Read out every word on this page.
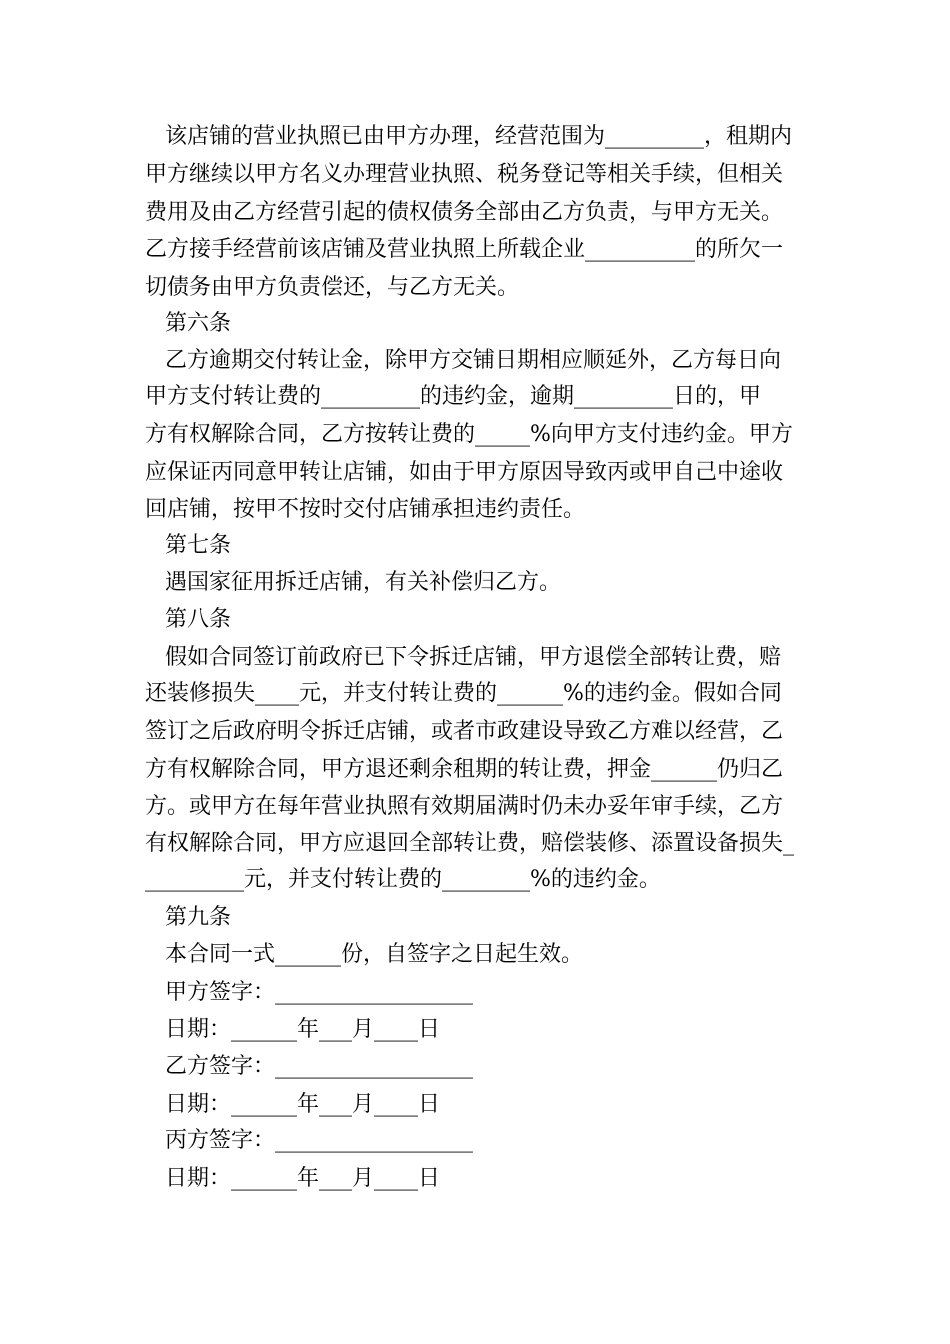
该店铺的营业执照已由甲方办理，经营范围为_________，租期内
甲方继续以甲方名义办理营业执照、税务登记等相关手续，但相关
费用及由乙方经营引起的债权债务全部由乙方负责，与甲方无关。
乙方接手经营前该店铺及营业执照上所载企业__________的所欠一
切债务由甲方负责偿还，与乙方无关。
第六条
乙方逾期交付转让金，除甲方交铺日期相应顺延外，乙方每日向
甲方支付转让费的_________的违约金，逾期_________日的，甲
方有权解除合同，乙方按转让费的_____%向甲方支付违约金。甲方
应保证丙同意甲转让店铺，如由于甲方原因导致丙或甲自己中途收
回店铺，按甲不按时交付店铺承担违约责任。
第七条
遇国家征用拆迁店铺，有关补偿归乙方。
第八条
假如合同签订前政府已下令拆迁店铺，甲方退偿全部转让费，赔
还装修损失____元，并支付转让费的______%的违约金。假如合同
签订之后政府明令拆迁店铺，或者市政建设导致乙方难以经营，乙
方有权解除合同，甲方退还剩余租期的转让费，押金______仍归乙
方。或甲方在每年营业执照有效期届满时仍未办妥年审手续，乙方
有权解除合同，甲方应退回全部转让费，赔偿装修、添置设备损失_
_________元，并支付转让费的________%的违约金。
第九条
本合同一式______份，自签字之日起生效。
甲方签字：__________________
日期：______年___月____日
乙方签字：__________________
日期：______年___月____日
丙方签字：__________________
日期：______年___月____日
